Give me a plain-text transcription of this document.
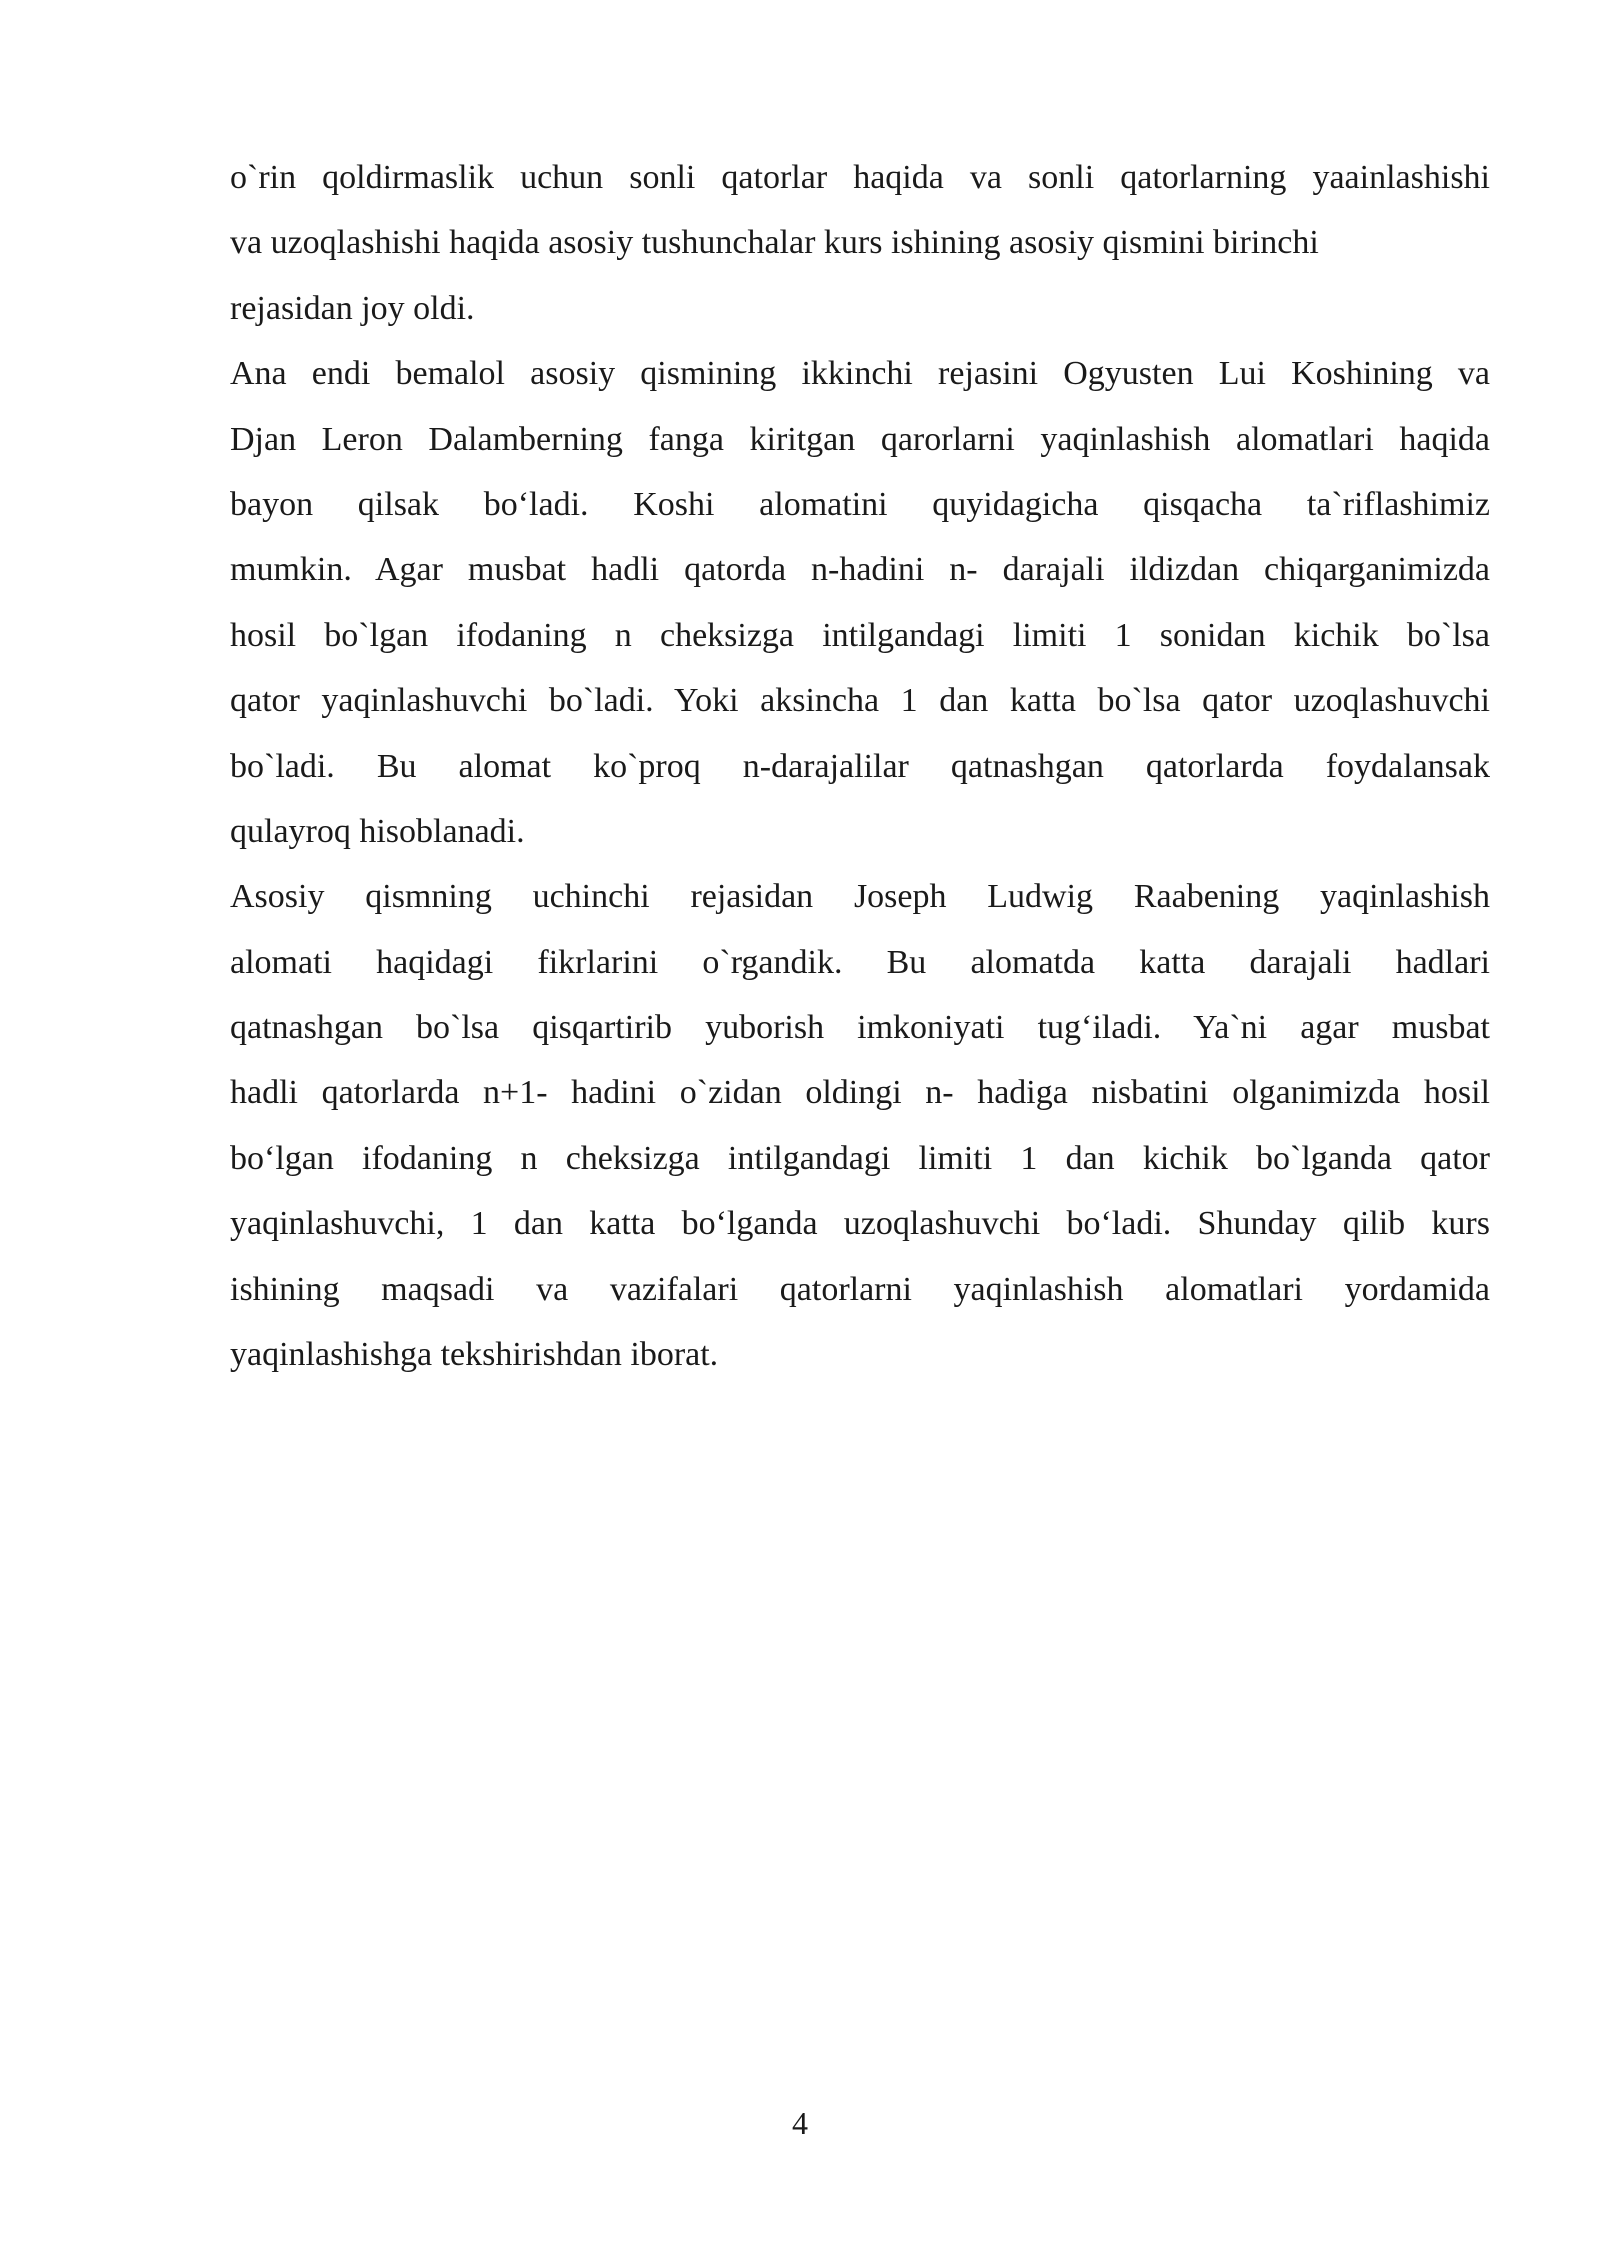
o`rin qoldirmaslik uchun sonli qatorlar haqida va sonli qatorlarning yaainlashishi
va uzoqlashishi haqida asosiy tushunchalar kurs ishining asosiy qismini birinchi
rejasidan joy oldi.
Ana endi bemalol asosiy qismining ikkinchi rejasini Ogyusten Lui Koshining va
Djan Leron Dalamberning fanga kiritgan qarorlarni yaqinlashish alomatlari haqida
bayon qilsak bo‘ladi. Koshi alomatini quyidagicha qisqacha ta`riflashimiz
mumkin. Agar musbat hadli qatorda n-hadini n- darajali ildizdan chiqarganimizda
hosil bo`lgan ifodaning n cheksizga intilgandagi limiti 1 sonidan kichik bo`lsa
qator yaqinlashuvchi bo`ladi. Yoki aksincha 1 dan katta bo`lsa qator uzoqlashuvchi
bo`ladi. Bu alomat ko`proq n-darajalilar qatnashgan qatorlarda foydalansak
qulayroq hisoblanadi.
Asosiy qismning uchinchi rejasidan Joseph Ludwig Raabening yaqinlashish
alomati haqidagi fikrlarini o`rgandik. Bu alomatda katta darajali hadlari
qatnashgan bo`lsa qisqartirib yuborish imkoniyati tug‘iladi. Ya`ni agar musbat
hadli qatorlarda n+1- hadini o`zidan oldingi n- hadiga nisbatini olganimizda hosil
bo‘lgan ifodaning n cheksizga intilgandagi limiti 1 dan kichik bo`lganda qator
yaqinlashuvchi, 1 dan katta bo‘lganda uzoqlashuvchi bo‘ladi. Shunday qilib kurs
ishining maqsadi va vazifalari qatorlarni yaqinlashish alomatlari yordamida
yaqinlashishga tekshirishdan iborat.
4
